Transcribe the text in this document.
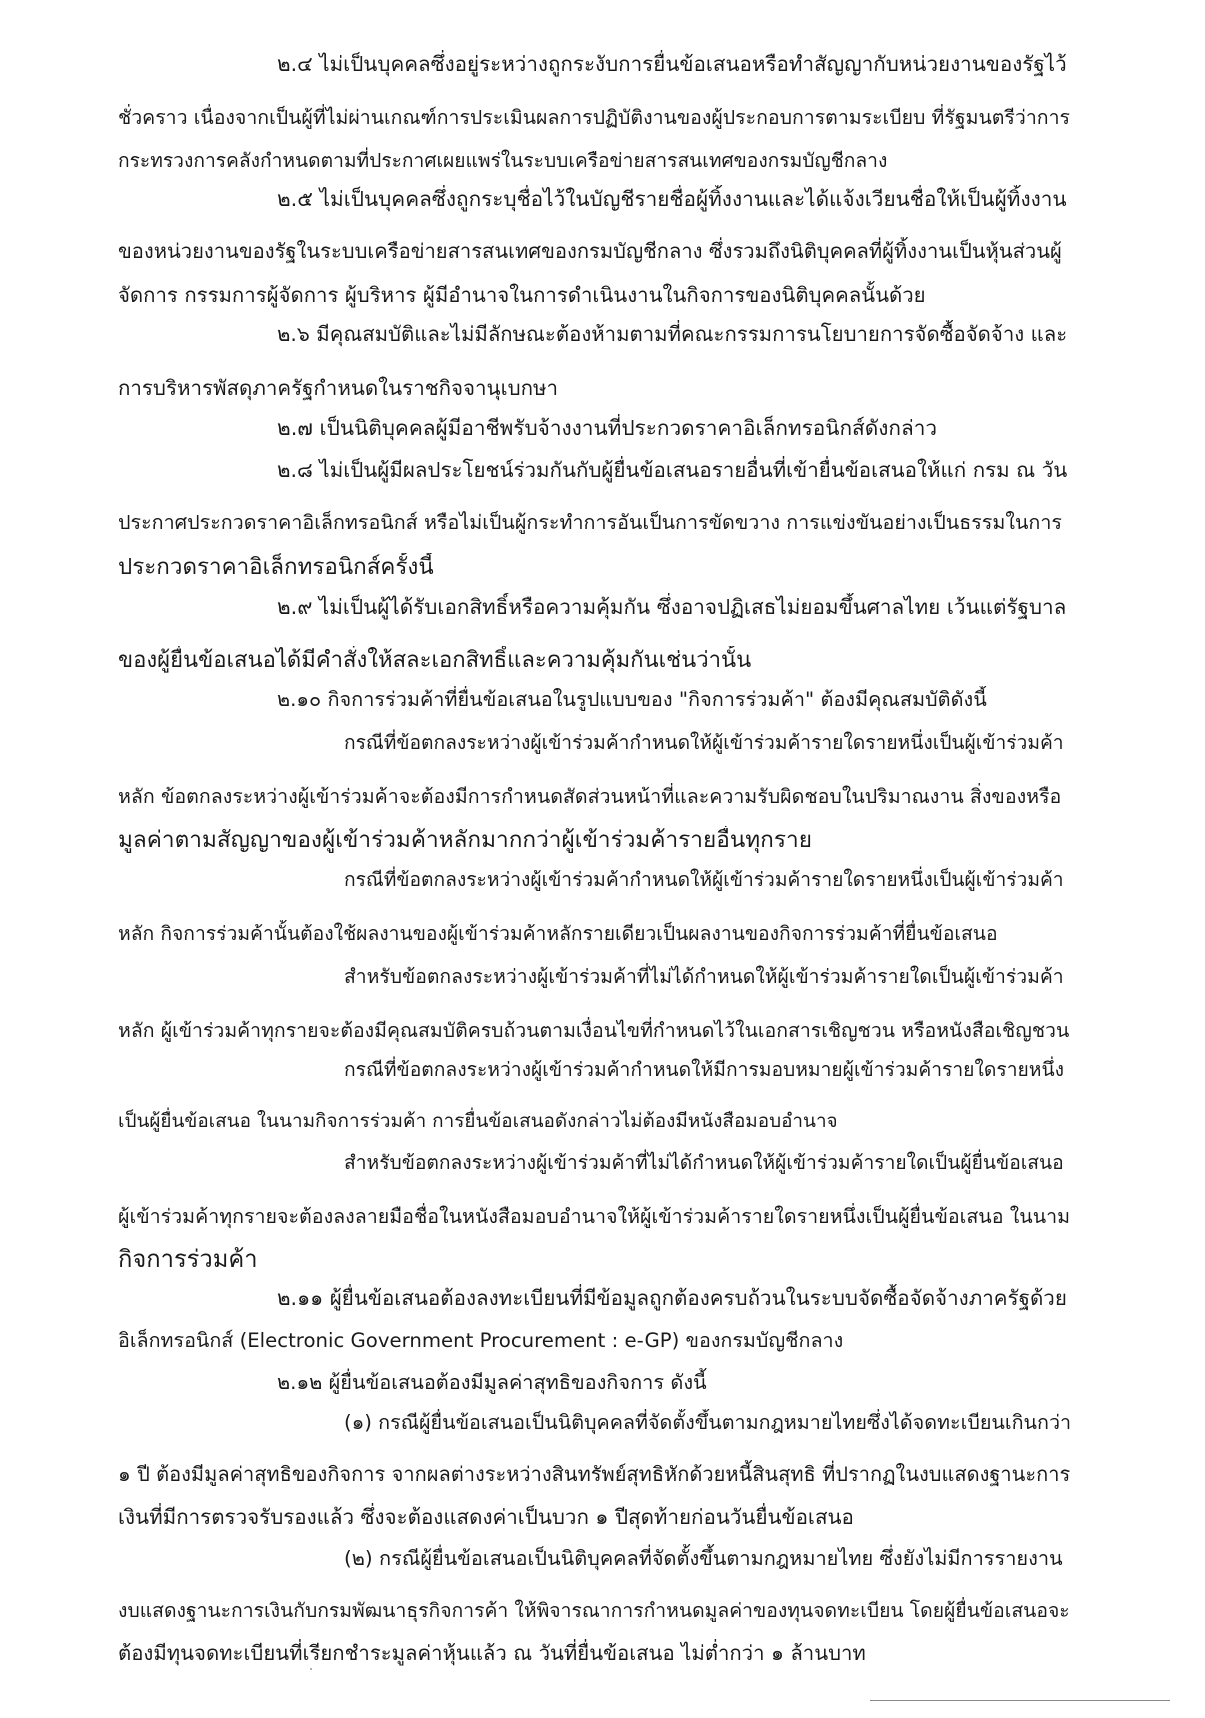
๒.๔ ไม่เป็นบุคคลซึ่งอยู่ระหว่างถูกระงับการยื่นข้อเสนอหรือทำสัญญากับหน่วยงานของรัฐไว้
ชั่วคราว เนื่องจากเป็นผู้ที่ไม่ผ่านเกณฑ์การประเมินผลการปฏิบัติงานของผู้ประกอบการตามระเบียบ ที่รัฐมนตรีว่าการ
กระทรวงการคลังกำหนดตามที่ประกาศเผยแพร่ในระบบเครือข่ายสารสนเทศของกรมบัญชีกลาง
๒.๕ ไม่เป็นบุคคลซึ่งถูกระบุชื่อไว้ในบัญชีรายชื่อผู้ทิ้งงานและได้แจ้งเวียนชื่อให้เป็นผู้ทิ้งงาน
ของหน่วยงานของรัฐในระบบเครือข่ายสารสนเทศของกรมบัญชีกลาง ซึ่งรวมถึงนิติบุคคลที่ผู้ทิ้งงานเป็นหุ้นส่วนผู้
จัดการ กรรมการผู้จัดการ ผู้บริหาร ผู้มีอำนาจในการดำเนินงานในกิจการของนิติบุคคลนั้นด้วย
๒.๖ มีคุณสมบัติและไม่มีลักษณะต้องห้ามตามที่คณะกรรมการนโยบายการจัดซื้อจัดจ้าง และ
การบริหารพัสดุภาครัฐกำหนดในราชกิจจานุเบกษา
๒.๗ เป็นนิติบุคคลผู้มีอาชีพรับจ้างงานที่ประกวดราคาอิเล็กทรอนิกส์ดังกล่าว
๒.๘ ไม่เป็นผู้มีผลประโยชน์ร่วมกันกับผู้ยื่นข้อเสนอรายอื่นที่เข้ายื่นข้อเสนอให้แก่ กรม ณ วัน
ประกาศประกวดราคาอิเล็กทรอนิกส์ หรือไม่เป็นผู้กระทำการอันเป็นการขัดขวาง การแข่งขันอย่างเป็นธรรมในการ
ประกวดราคาอิเล็กทรอนิกส์ครั้งนี้
๒.๙ ไม่เป็นผู้ได้รับเอกสิทธิ์หรือความคุ้มกัน ซึ่งอาจปฏิเสธไม่ยอมขึ้นศาลไทย เว้นแต่รัฐบาล
ของผู้ยื่นข้อเสนอได้มีคำสั่งให้สละเอกสิทธิ์และความคุ้มกันเช่นว่านั้น
๒.๑๐ กิจการร่วมค้าที่ยื่นข้อเสนอในรูปแบบของ "กิจการร่วมค้า" ต้องมีคุณสมบัติดังนี้
กรณีที่ข้อตกลงระหว่างผู้เข้าร่วมค้ากำหนดให้ผู้เข้าร่วมค้ารายใดรายหนึ่งเป็นผู้เข้าร่วมค้า
หลัก ข้อตกลงระหว่างผู้เข้าร่วมค้าจะต้องมีการกำหนดสัดส่วนหน้าที่และความรับผิดชอบในปริมาณงาน สิ่งของหรือ
มูลค่าตามสัญญาของผู้เข้าร่วมค้าหลักมากกว่าผู้เข้าร่วมค้ารายอื่นทุกราย
กรณีที่ข้อตกลงระหว่างผู้เข้าร่วมค้ากำหนดให้ผู้เข้าร่วมค้ารายใดรายหนึ่งเป็นผู้เข้าร่วมค้า
หลัก กิจการร่วมค้านั้นต้องใช้ผลงานของผู้เข้าร่วมค้าหลักรายเดียวเป็นผลงานของกิจการร่วมค้าที่ยื่นข้อเสนอ
สำหรับข้อตกลงระหว่างผู้เข้าร่วมค้าที่ไม่ได้กำหนดให้ผู้เข้าร่วมค้ารายใดเป็นผู้เข้าร่วมค้า
หลัก ผู้เข้าร่วมค้าทุกรายจะต้องมีคุณสมบัติครบถ้วนตามเงื่อนไขที่กำหนดไว้ในเอกสารเชิญชวน หรือหนังสือเชิญชวน
กรณีที่ข้อตกลงระหว่างผู้เข้าร่วมค้ากำหนดให้มีการมอบหมายผู้เข้าร่วมค้ารายใดรายหนึ่ง
เป็นผู้ยื่นข้อเสนอ ในนามกิจการร่วมค้า การยื่นข้อเสนอดังกล่าวไม่ต้องมีหนังสือมอบอำนาจ
สำหรับข้อตกลงระหว่างผู้เข้าร่วมค้าที่ไม่ได้กำหนดให้ผู้เข้าร่วมค้ารายใดเป็นผู้ยื่นข้อเสนอ
ผู้เข้าร่วมค้าทุกรายจะต้องลงลายมือชื่อในหนังสือมอบอำนาจให้ผู้เข้าร่วมค้ารายใดรายหนึ่งเป็นผู้ยื่นข้อเสนอ ในนาม
กิจการร่วมค้า
๒.๑๑ ผู้ยื่นข้อเสนอต้องลงทะเบียนที่มีข้อมูลถูกต้องครบถ้วนในระบบจัดซื้อจัดจ้างภาครัฐด้วย
อิเล็กทรอนิกส์ (Electronic Government Procurement : e-GP) ของกรมบัญชีกลาง
๒.๑๒ ผู้ยื่นข้อเสนอต้องมีมูลค่าสุทธิของกิจการ ดังนี้
(๑) กรณีผู้ยื่นข้อเสนอเป็นนิติบุคคลที่จัดตั้งขึ้นตามกฎหมายไทยซึ่งได้จดทะเบียนเกินกว่า
๑ ปี ต้องมีมูลค่าสุทธิของกิจการ จากผลต่างระหว่างสินทรัพย์สุทธิหักด้วยหนี้สินสุทธิ ที่ปรากฏในงบแสดงฐานะการ
เงินที่มีการตรวจรับรองแล้ว ซึ่งจะต้องแสดงค่าเป็นบวก ๑ ปีสุดท้ายก่อนวันยื่นข้อเสนอ
(๒) กรณีผู้ยื่นข้อเสนอเป็นนิติบุคคลที่จัดตั้งขึ้นตามกฎหมายไทย ซึ่งยังไม่มีการรายงาน
งบแสดงฐานะการเงินกับกรมพัฒนาธุรกิจการค้า ให้พิจารณาการกำหนดมูลค่าของทุนจดทะเบียน โดยผู้ยื่นข้อเสนอจะ
ต้องมีทุนจดทะเบียนที่เรียกชำระมูลค่าหุ้นแล้ว ณ วันที่ยื่นข้อเสนอ ไม่ต่ำกว่า ๑ ล้านบาท
